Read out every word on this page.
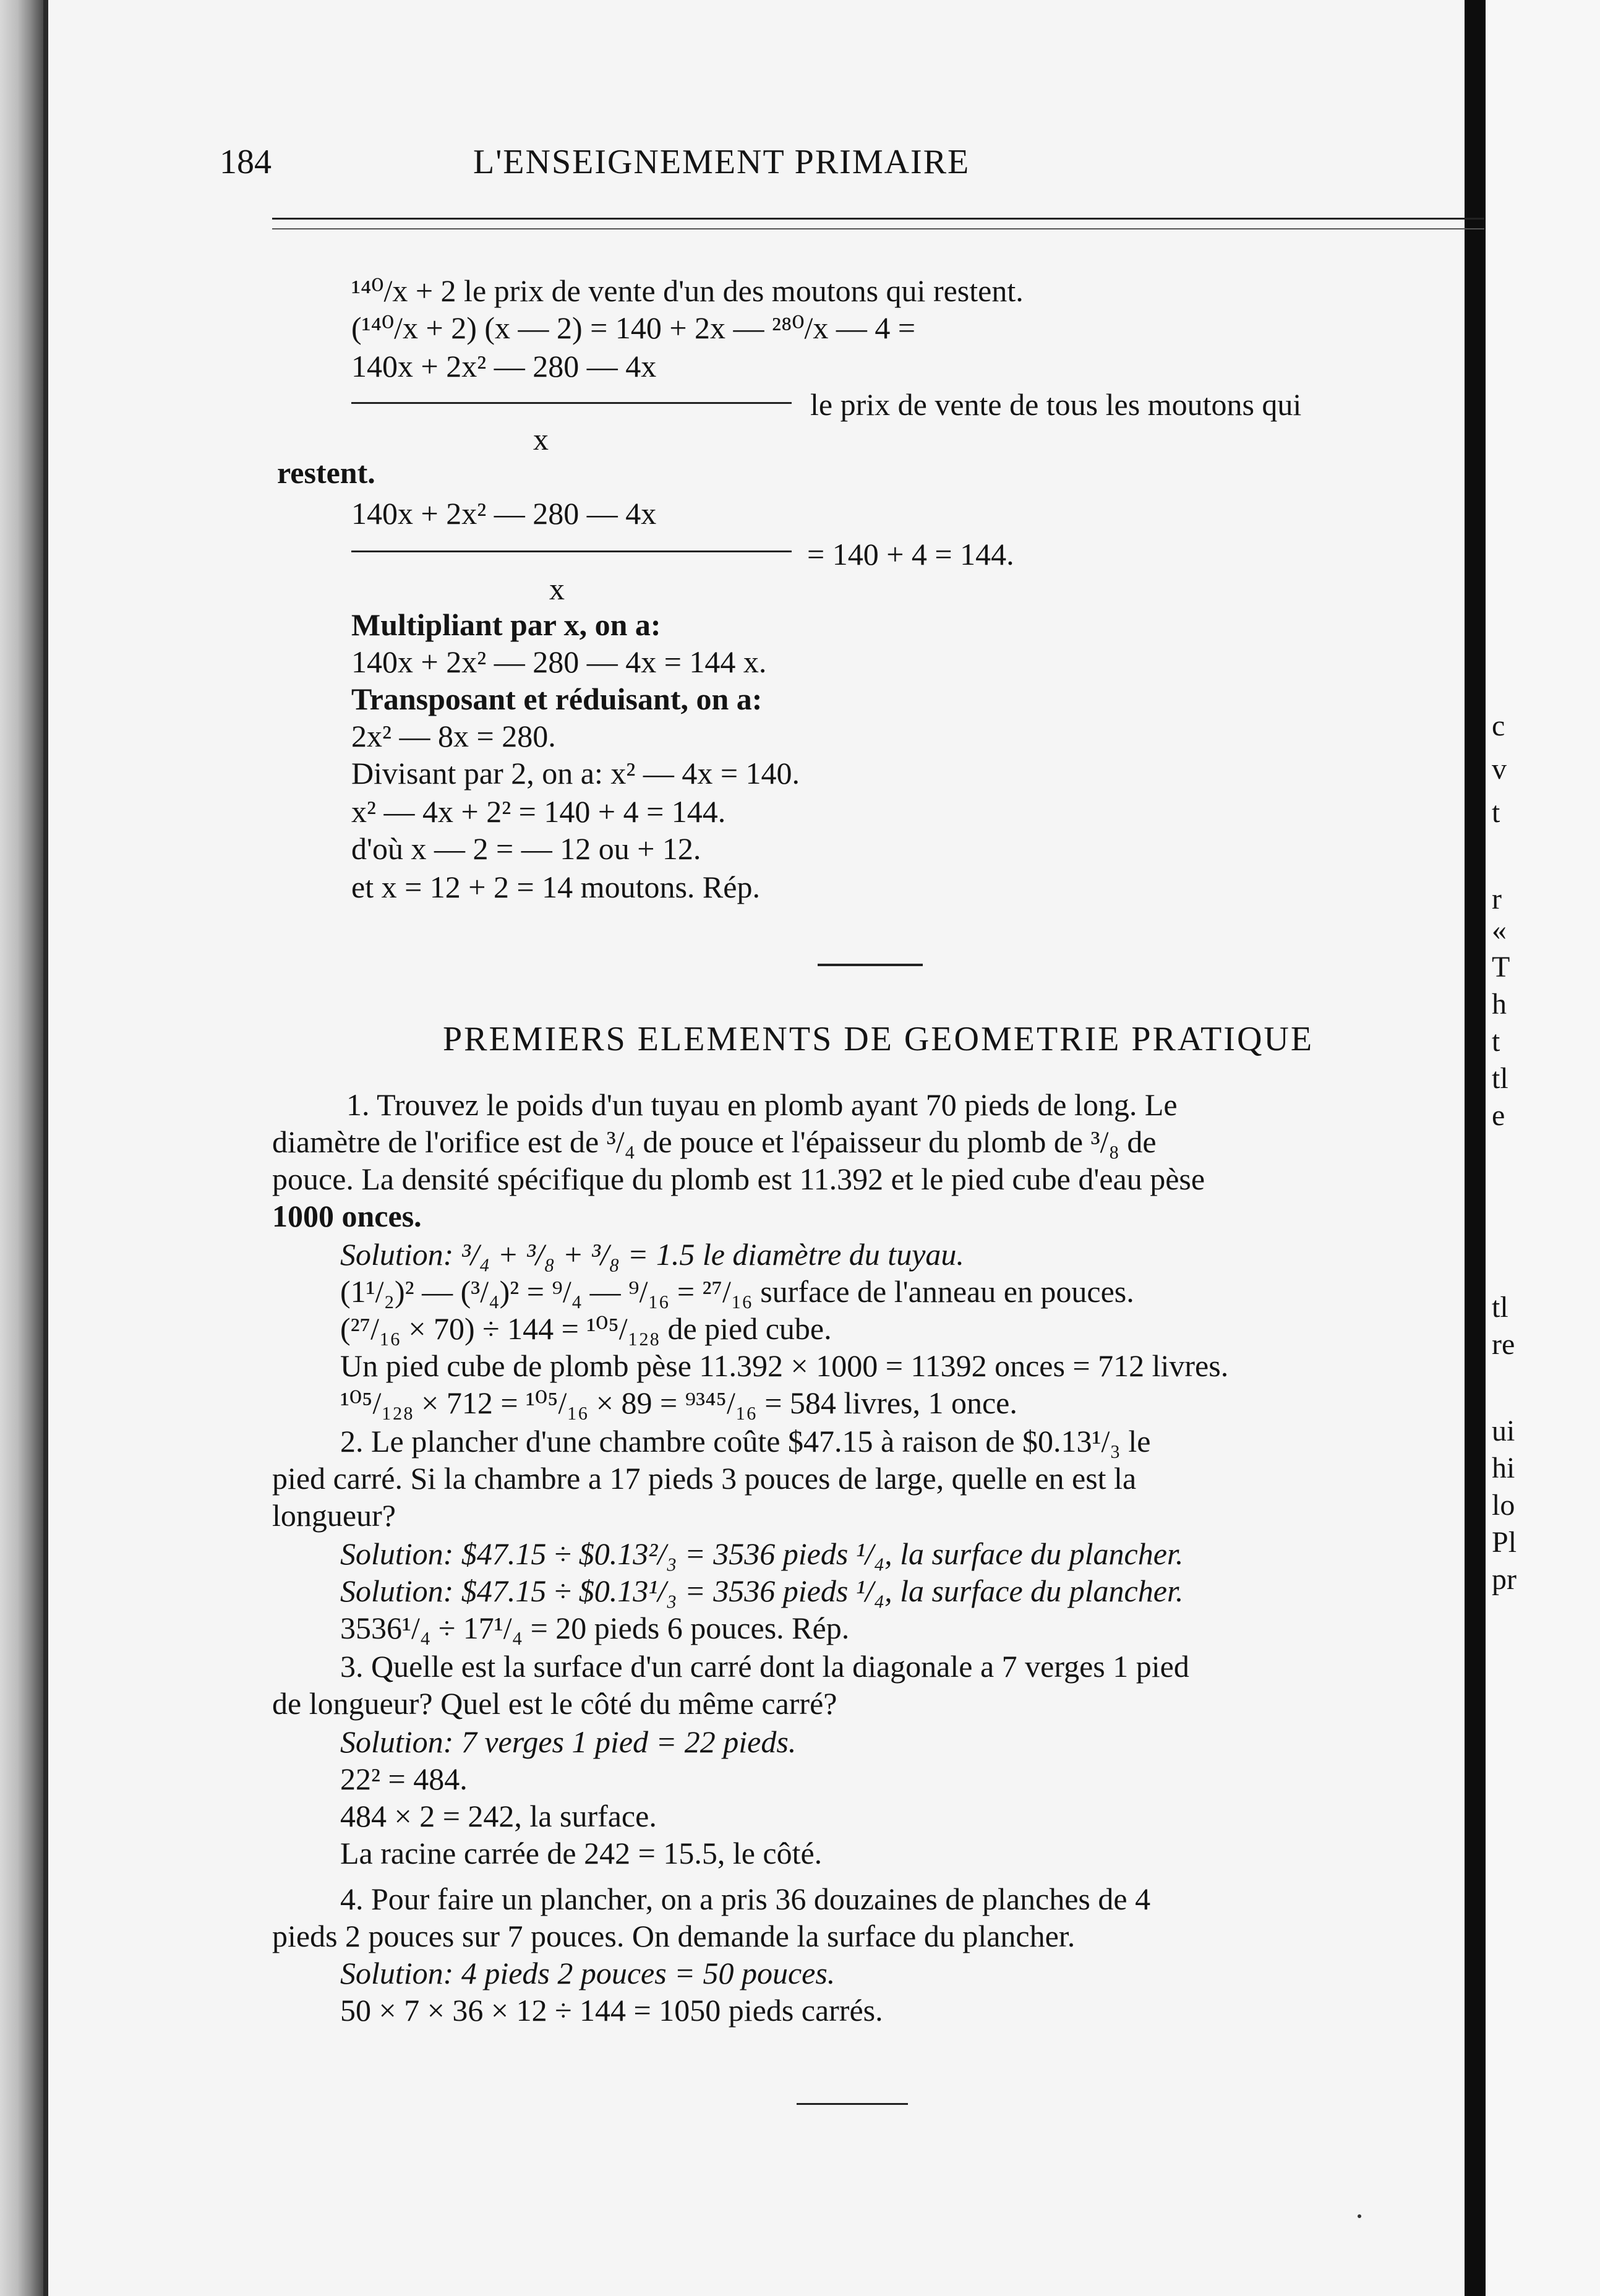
c
v
t
r
«
T
h
t
tl
e
tl
re
ui
hi
lo
Pl
pr
184	L'ENSEIGNEMENT PRIMAIRE
¹⁴⁰/x + 2 le prix de vente d'un des moutons qui restent.
(¹⁴⁰/x + 2) (x — 2) = 140 + 2x — ²⁸⁰/x — 4 =
140x + 2x² — 280 — 4x
le prix de vente de tous les moutons qui
x
restent.
140x + 2x² — 280 — 4x
= 140 + 4 = 144.
x
Multipliant par x, on a:
140x + 2x² — 280 — 4x = 144 x.
Transposant et réduisant, on a:
2x² — 8x = 280.
Divisant par 2, on a: x² — 4x = 140.
x² — 4x + 2² = 140 + 4 = 144.
d'où x — 2 = — 12 ou + 12.
et x = 12 + 2 = 14 moutons. Rép.
PREMIERS ELEMENTS DE GEOMETRIE PRATIQUE
1. Trouvez le poids d'un tuyau en plomb ayant 70 pieds de long. Le
diamètre de l'orifice est de ³/₄ de pouce et l'épaisseur du plomb de ³/₈ de
pouce. La densité spécifique du plomb est 11.392 et le pied cube d'eau pèse
1000 onces.
Solution: ³/₄ + ³/₈ + ³/₈ = 1.5 le diamètre du tuyau.
(1¹/₂)² — (³/₄)² = ⁹/₄ — ⁹/₁₆ = ²⁷/₁₆ surface de l'anneau en pouces.
(²⁷/₁₆ × 70) ÷ 144 = ¹⁰⁵/₁₂₈ de pied cube.
Un pied cube de plomb pèse 11.392 × 1000 = 11392 onces = 712 livres.
¹⁰⁵/₁₂₈ × 712 = ¹⁰⁵/₁₆ × 89 = ⁹³⁴⁵/₁₆ = 584 livres, 1 once.
2. Le plancher d'une chambre coûte $47.15 à raison de $0.13¹/₃ le
pied carré. Si la chambre a 17 pieds 3 pouces de large, quelle en est la
longueur?
Solution: $47.15 ÷ $0.13²/₃ = 3536 pieds ¹/₄, la surface du plancher.
Solution: $47.15 ÷ $0.13¹/₃ = 3536 pieds ¹/₄, la surface du plancher.
3536¹/₄ ÷ 17¹/₄ = 20 pieds 6 pouces. Rép.
3. Quelle est la surface d'un carré dont la diagonale a 7 verges 1 pied
de longueur? Quel est le côté du même carré?
Solution: 7 verges 1 pied = 22 pieds.
22² = 484.
484 × 2 = 242, la surface.
La racine carrée de 242 = 15.5, le côté.
4. Pour faire un plancher, on a pris 36 douzaines de planches de 4
pieds 2 pouces sur 7 pouces. On demande la surface du plancher.
Solution: 4 pieds 2 pouces = 50 pouces.
50 × 7 × 36 × 12 ÷ 144 = 1050 pieds carrés.
